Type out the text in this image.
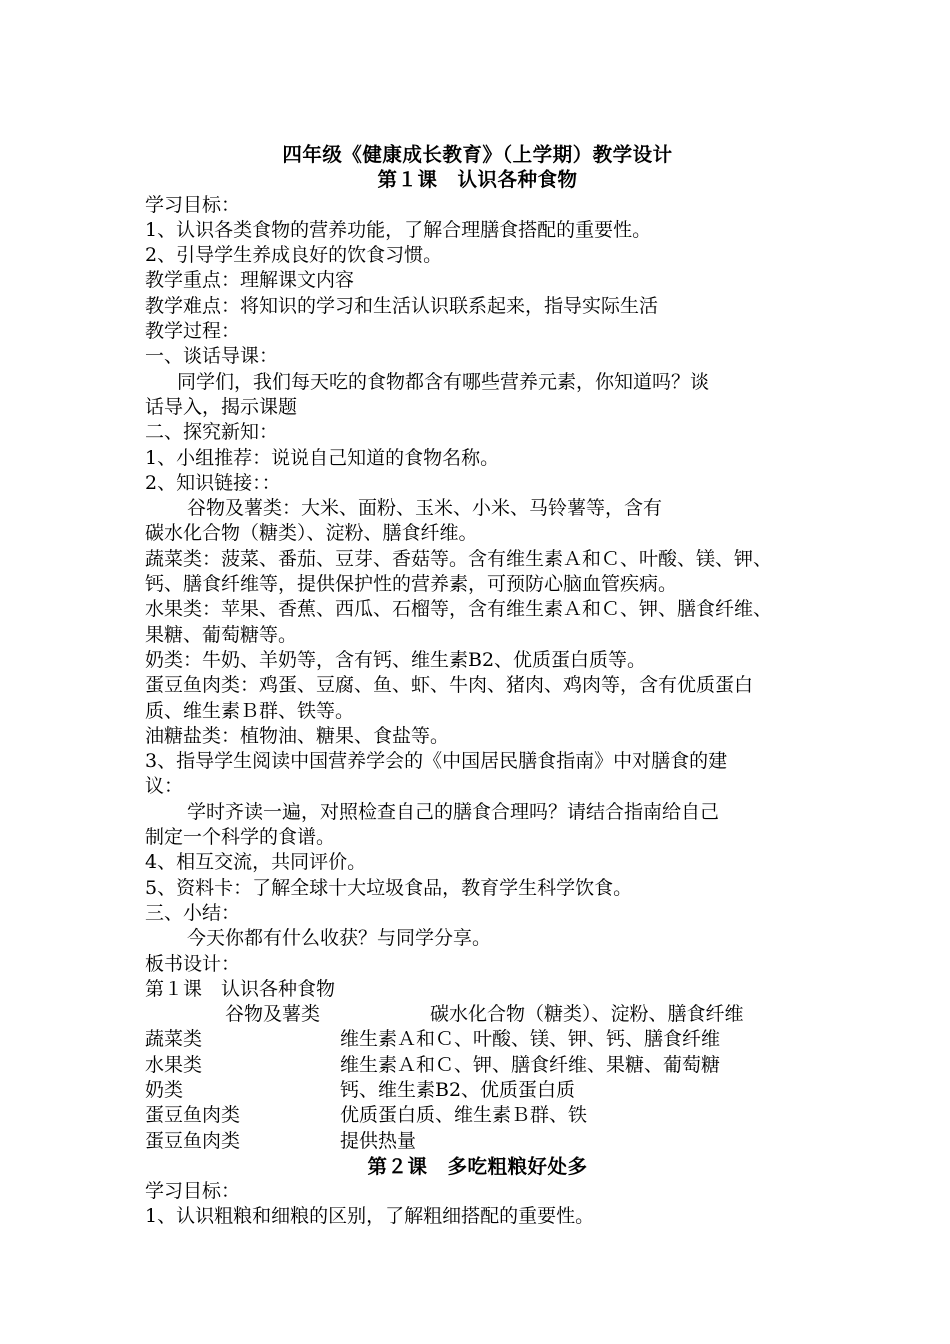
四年级《健康成长教育》（上学期）教学设计
第１课　认识各种食物
学习目标：
1、认识各类食物的营养功能，了解合理膳食搭配的重要性。
2、引导学生养成良好的饮食习惯。
教学重点：理解课文内容
教学难点：将知识的学习和生活认识联系起来，指导实际生活
教学过程：
一、谈话导课：
同学们，我们每天吃的食物都含有哪些营养元素，你知道吗？谈
话导入，揭示课题
二、探究新知：
1、小组推荐：说说自己知道的食物名称。
2、知识链接：：
谷物及薯类：大米、面粉、玉米、小米、马铃薯等，含有
碳水化合物（糖类）、淀粉、膳食纤维。
蔬菜类：菠菜、番茄、豆芽、香菇等。含有维生素Ａ和Ｃ、叶酸、镁、钾、
钙、膳食纤维等，提供保护性的营养素，可预防心脑血管疾病。
水果类：苹果、香蕉、西瓜、石榴等，含有维生素Ａ和Ｃ、钾、膳食纤维、
果糖、葡萄糖等。
奶类：牛奶、羊奶等，含有钙、维生素B2、优质蛋白质等。
蛋豆鱼肉类：鸡蛋、豆腐、鱼、虾、牛肉、猪肉、鸡肉等，含有优质蛋白
质、维生素Ｂ群、铁等。
油糖盐类：植物油、糖果、食盐等。
3、指导学生阅读中国营养学会的《中国居民膳食指南》中对膳食的建
议：
学时齐读一遍，对照检查自己的膳食合理吗？请结合指南给自己
制定一个科学的食谱。
4、相互交流，共同评价。
5、资料卡：了解全球十大垃圾食品，教育学生科学饮食。
三、小结：
今天你都有什么收获？与同学分享。
板书设计：
第１课　认识各种食物
谷物及薯类	碳水化合物（糖类）、淀粉、膳食纤维
蔬菜类	维生素Ａ和Ｃ、叶酸、镁、钾、钙、膳食纤维
水果类	维生素Ａ和Ｃ、钾、膳食纤维、果糖、葡萄糖
奶类	钙、维生素B2、优质蛋白质
蛋豆鱼肉类	优质蛋白质、维生素Ｂ群、铁
蛋豆鱼肉类	提供热量
第２课　多吃粗粮好处多
学习目标：
1、认识粗粮和细粮的区别，了解粗细搭配的重要性。
